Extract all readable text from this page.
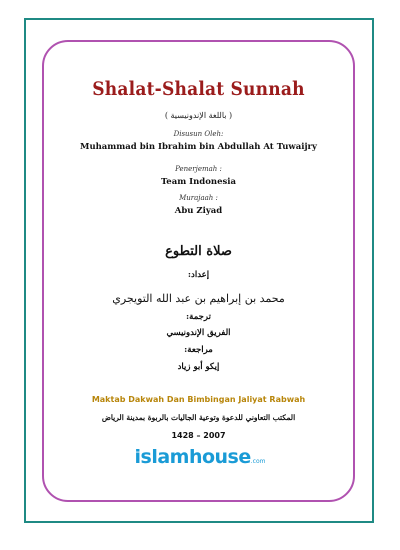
Shalat-Shalat Sunnah
( باللغة الإندونيسية )
Disusun Oleh:
Muhammad bin Ibrahim bin Abdullah At Tuwaijry
Penerjemah :
Team Indonesia
Murajaah :
Abu Ziyad
صلاة التطوع
إعداد:
محمد بن إبراهيم بن عبد الله التويجري
ترجمة:
الفريق الإندونيسي
مراجعة:
إيكو أبو زياد
Maktab Dakwah Dan Bimbingan Jaliyat Rabwah
المكتب التعاوني للدعوة وتوعية الجاليات بالربوة بمدينة الرياض
1428 – 2007
islamhouse.com
